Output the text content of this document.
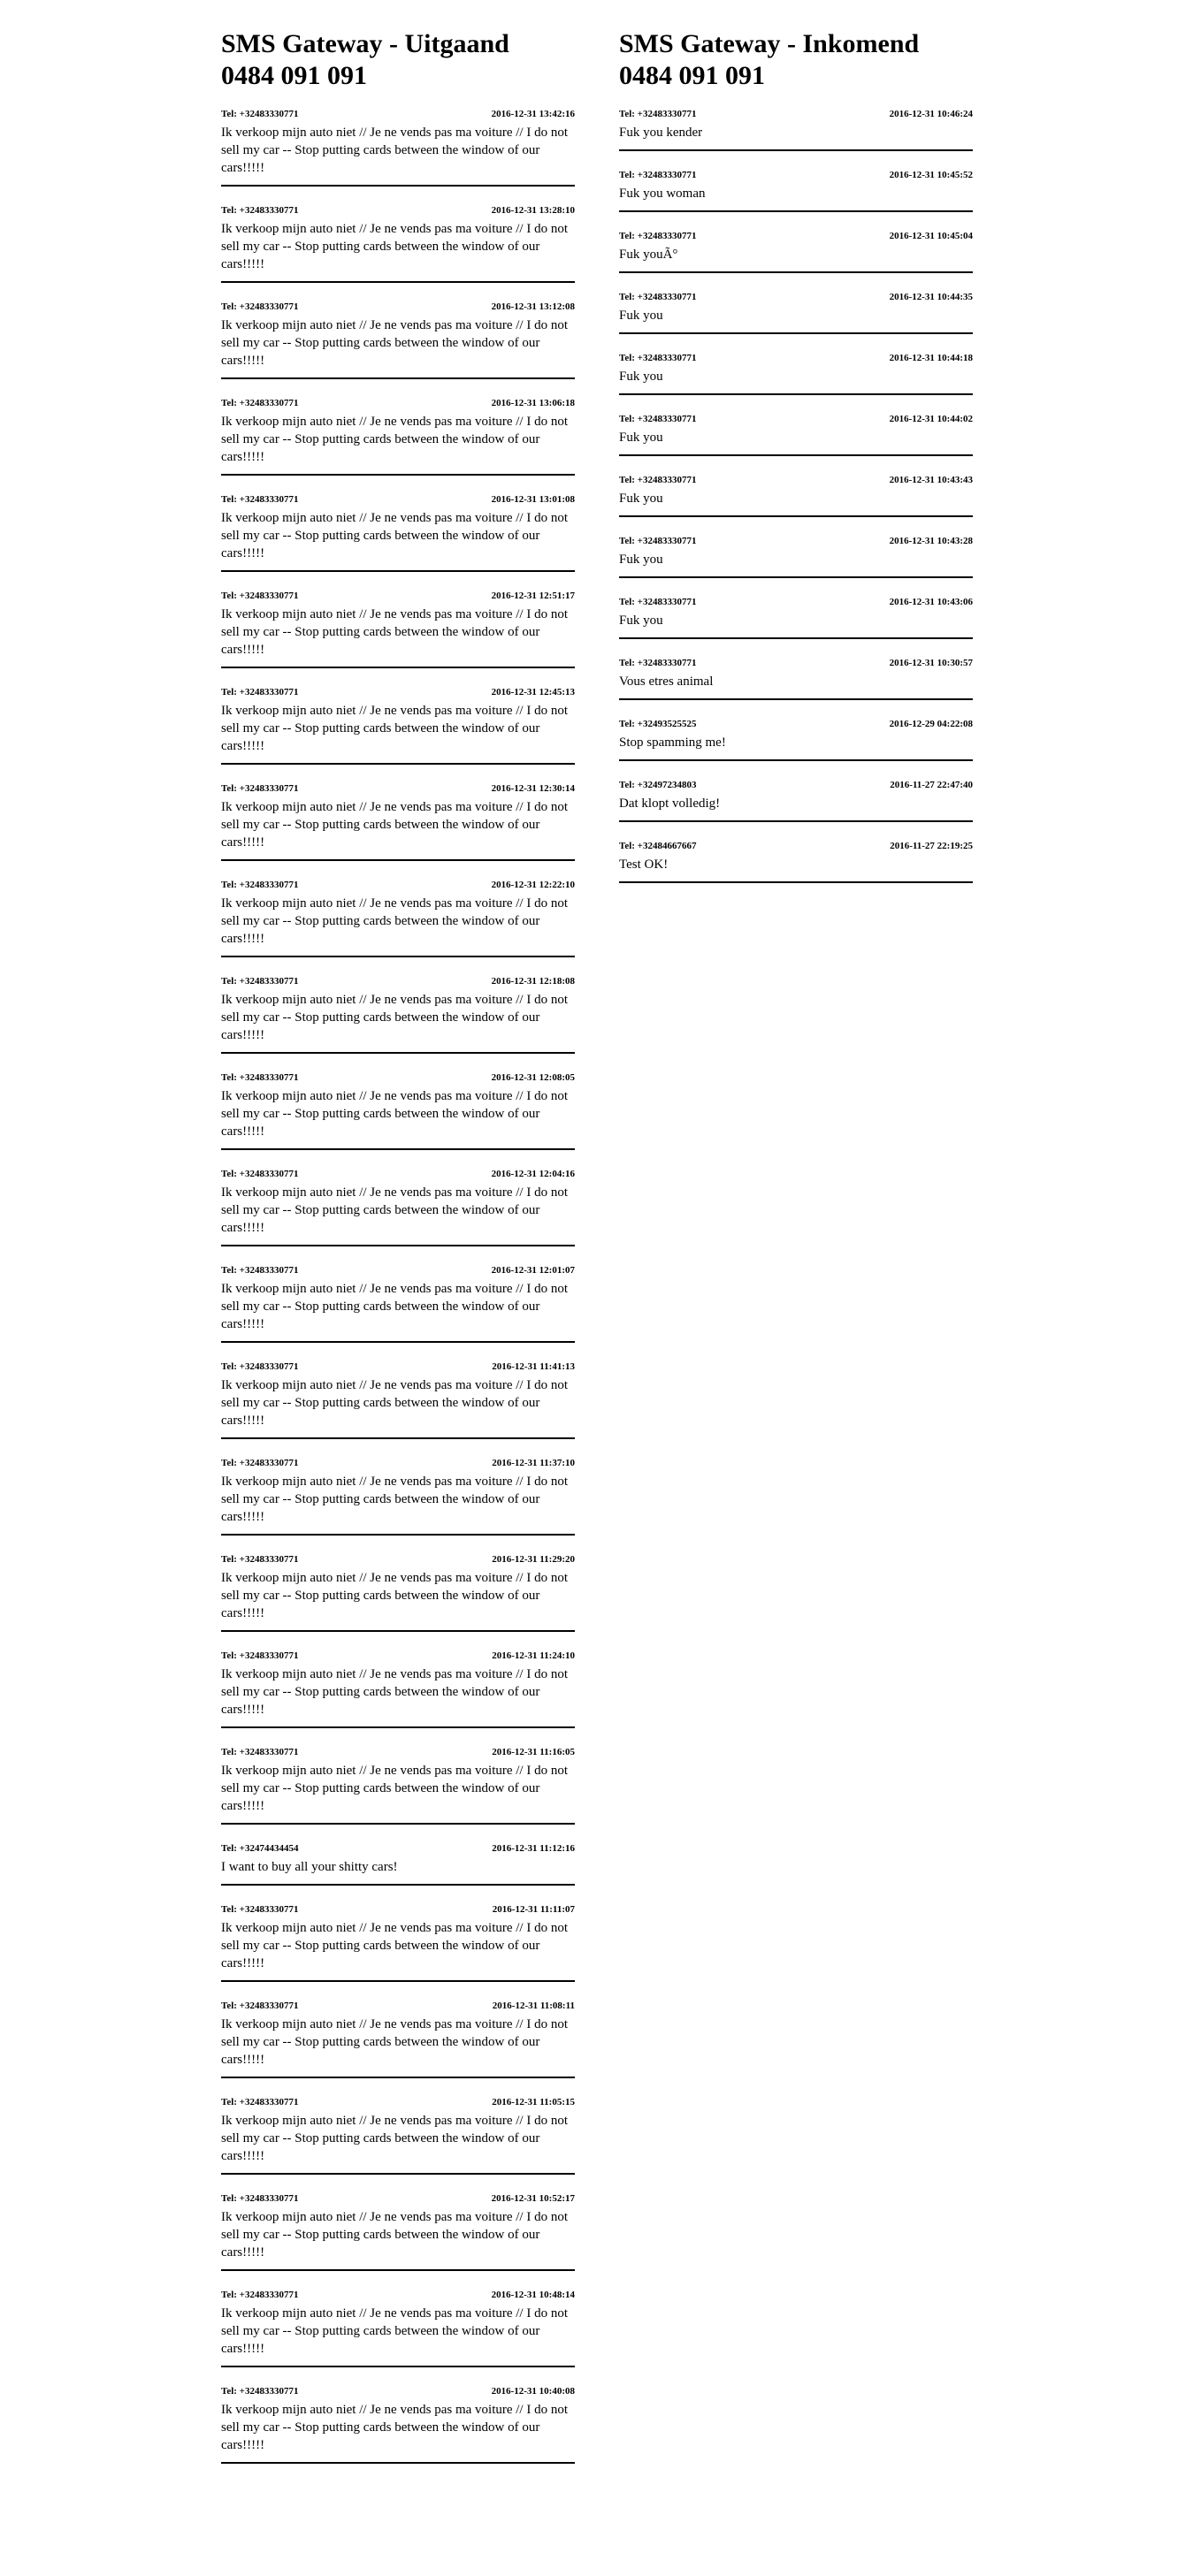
SMS Gateway - Uitgaand
0484 091 091
Tel: +32483330771	2016-12-31 13:42:16
Ik verkoop mijn auto niet // Je ne vends pas ma voiture // I do not sell my car -- Stop putting cards between the window of our cars!!!!!
Tel: +32483330771	2016-12-31 13:28:10
Ik verkoop mijn auto niet // Je ne vends pas ma voiture // I do not sell my car -- Stop putting cards between the window of our cars!!!!!
Tel: +32483330771	2016-12-31 13:12:08
Ik verkoop mijn auto niet // Je ne vends pas ma voiture // I do not sell my car -- Stop putting cards between the window of our cars!!!!!
Tel: +32483330771	2016-12-31 13:06:18
Ik verkoop mijn auto niet // Je ne vends pas ma voiture // I do not sell my car -- Stop putting cards between the window of our cars!!!!!
Tel: +32483330771	2016-12-31 13:01:08
Ik verkoop mijn auto niet // Je ne vends pas ma voiture // I do not sell my car -- Stop putting cards between the window of our cars!!!!!
Tel: +32483330771	2016-12-31 12:51:17
Ik verkoop mijn auto niet // Je ne vends pas ma voiture // I do not sell my car -- Stop putting cards between the window of our cars!!!!!
Tel: +32483330771	2016-12-31 12:45:13
Ik verkoop mijn auto niet // Je ne vends pas ma voiture // I do not sell my car -- Stop putting cards between the window of our cars!!!!!
Tel: +32483330771	2016-12-31 12:30:14
Ik verkoop mijn auto niet // Je ne vends pas ma voiture // I do not sell my car -- Stop putting cards between the window of our cars!!!!!
Tel: +32483330771	2016-12-31 12:22:10
Ik verkoop mijn auto niet // Je ne vends pas ma voiture // I do not sell my car -- Stop putting cards between the window of our cars!!!!!
Tel: +32483330771	2016-12-31 12:18:08
Ik verkoop mijn auto niet // Je ne vends pas ma voiture // I do not sell my car -- Stop putting cards between the window of our cars!!!!!
Tel: +32483330771	2016-12-31 12:08:05
Ik verkoop mijn auto niet // Je ne vends pas ma voiture // I do not sell my car -- Stop putting cards between the window of our cars!!!!!
Tel: +32483330771	2016-12-31 12:04:16
Ik verkoop mijn auto niet // Je ne vends pas ma voiture // I do not sell my car -- Stop putting cards between the window of our cars!!!!!
Tel: +32483330771	2016-12-31 12:01:07
Ik verkoop mijn auto niet // Je ne vends pas ma voiture // I do not sell my car -- Stop putting cards between the window of our cars!!!!!
Tel: +32483330771	2016-12-31 11:41:13
Ik verkoop mijn auto niet // Je ne vends pas ma voiture // I do not sell my car -- Stop putting cards between the window of our cars!!!!!
Tel: +32483330771	2016-12-31 11:37:10
Ik verkoop mijn auto niet // Je ne vends pas ma voiture // I do not sell my car -- Stop putting cards between the window of our cars!!!!!
Tel: +32483330771	2016-12-31 11:29:20
Ik verkoop mijn auto niet // Je ne vends pas ma voiture // I do not sell my car -- Stop putting cards between the window of our cars!!!!!
Tel: +32483330771	2016-12-31 11:24:10
Ik verkoop mijn auto niet // Je ne vends pas ma voiture // I do not sell my car -- Stop putting cards between the window of our cars!!!!!
Tel: +32483330771	2016-12-31 11:16:05
Ik verkoop mijn auto niet // Je ne vends pas ma voiture // I do not sell my car -- Stop putting cards between the window of our cars!!!!!
Tel: +32474434454	2016-12-31 11:12:16
I want to buy all your shitty cars!
Tel: +32483330771	2016-12-31 11:11:07
Ik verkoop mijn auto niet // Je ne vends pas ma voiture // I do not sell my car -- Stop putting cards between the window of our cars!!!!!
Tel: +32483330771	2016-12-31 11:08:11
Ik verkoop mijn auto niet // Je ne vends pas ma voiture // I do not sell my car -- Stop putting cards between the window of our cars!!!!!
Tel: +32483330771	2016-12-31 11:05:15
Ik verkoop mijn auto niet // Je ne vends pas ma voiture // I do not sell my car -- Stop putting cards between the window of our cars!!!!!
Tel: +32483330771	2016-12-31 10:52:17
Ik verkoop mijn auto niet // Je ne vends pas ma voiture // I do not sell my car -- Stop putting cards between the window of our cars!!!!!
Tel: +32483330771	2016-12-31 10:48:14
Ik verkoop mijn auto niet // Je ne vends pas ma voiture // I do not sell my car -- Stop putting cards between the window of our cars!!!!!
Tel: +32483330771	2016-12-31 10:40:08
Ik verkoop mijn auto niet // Je ne vends pas ma voiture // I do not sell my car -- Stop putting cards between the window of our cars!!!!!
SMS Gateway - Inkomend
0484 091 091
Tel: +32483330771	2016-12-31 10:46:24
Fuk you kender
Tel: +32483330771	2016-12-31 10:45:52
Fuk you woman
Tel: +32483330771	2016-12-31 10:45:04
Fuk youÃ°
Tel: +32483330771	2016-12-31 10:44:35
Fuk you
Tel: +32483330771	2016-12-31 10:44:18
Fuk you
Tel: +32483330771	2016-12-31 10:44:02
Fuk you
Tel: +32483330771	2016-12-31 10:43:43
Fuk you
Tel: +32483330771	2016-12-31 10:43:28
Fuk you
Tel: +32483330771	2016-12-31 10:43:06
Fuk you
Tel: +32483330771	2016-12-31 10:30:57
Vous etres animal
Tel: +32493525525	2016-12-29 04:22:08
Stop spamming me!
Tel: +32497234803	2016-11-27 22:47:40
Dat klopt volledig!
Tel: +32484667667	2016-11-27 22:19:25
Test OK!
